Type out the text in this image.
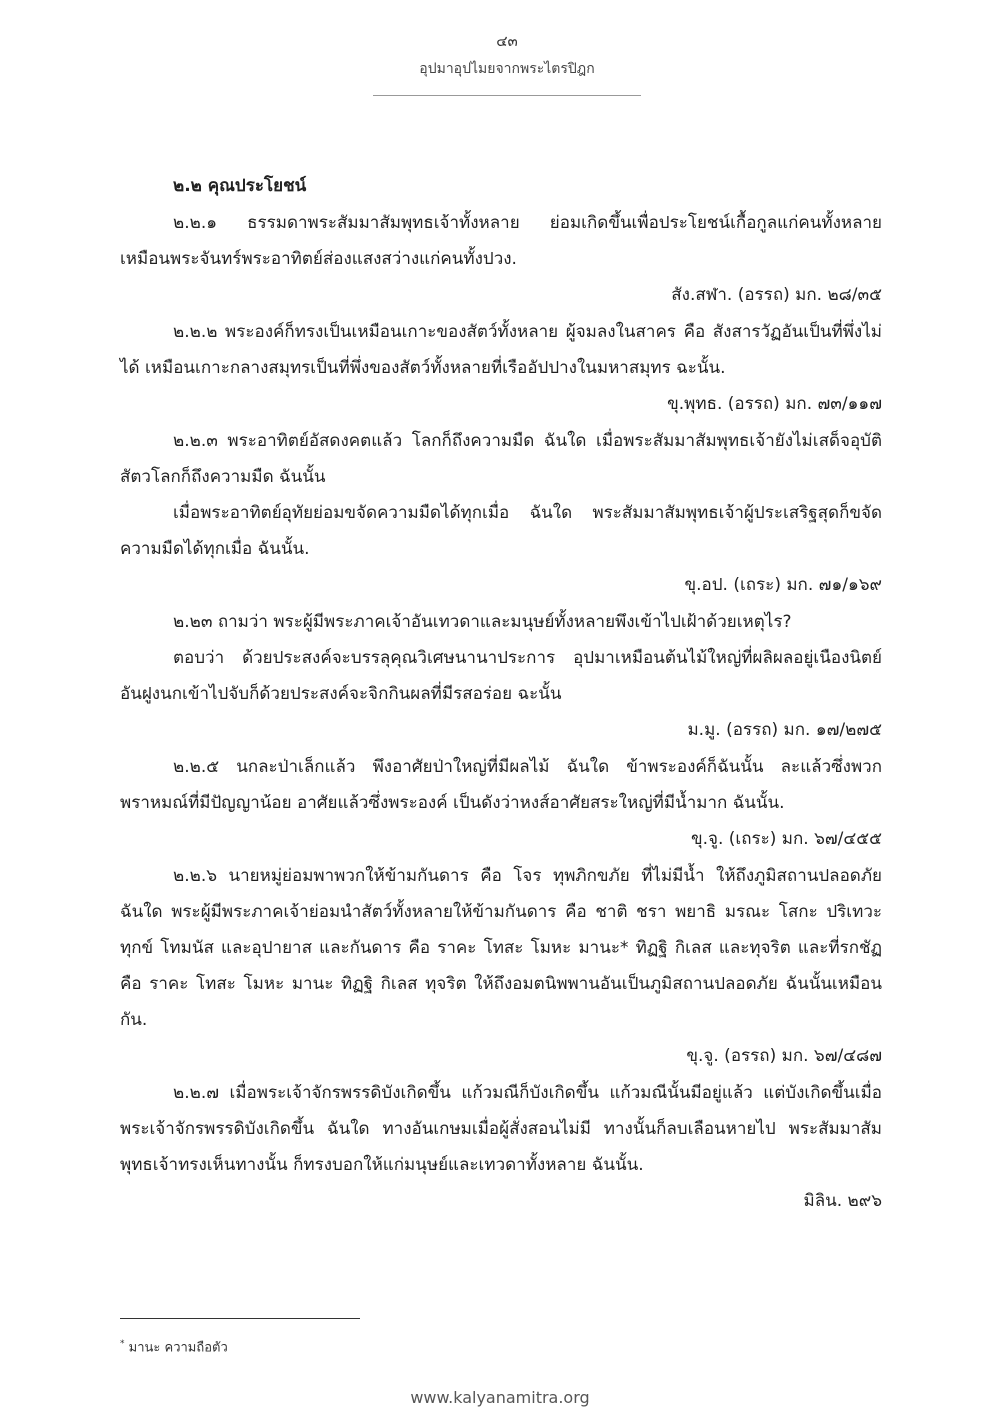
๔๓
อุปมาอุปไมยจากพระไตรปิฎก
๒.๒ คุณประโยชน์

๒.๒.๑ ธรรมดาพระสัมมาสัมพุทธเจ้าทั้งหลาย ย่อมเกิดขึ้นเพื่อประโยชน์เกื้อกูลแก่คนทั้งหลาย เหมือนพระจันทร์พระอาทิตย์ส่องแสงสว่างแก่คนทั้งปวง.

สัง.สฬา. (อรรถ) มก. ๒๘/๓๕

๒.๒.๒ พระองค์ก็ทรงเป็นเหมือนเกาะของสัตว์ทั้งหลาย ผู้จมลงในสาคร คือ สังสารวัฏอันเป็นที่พึ่งไม่ได้ เหมือนเกาะกลางสมุทรเป็นที่พึ่งของสัตว์ทั้งหลายที่เรืออัปปางในมหาสมุทร ฉะนั้น.

ขุ.พุทธ. (อรรถ) มก. ๗๓/๑๑๗

๒.๒.๓ พระอาทิตย์อัสดงคตแล้ว โลกก็ถึงความมืด ฉันใด เมื่อพระสัมมาสัมพุทธเจ้ายังไม่เสด็จอุบัติ สัตวโลกก็ถึงความมืด ฉันนั้น

เมื่อพระอาทิตย์อุทัยย่อมขจัดความมืดได้ทุกเมื่อ ฉันใด พระสัมมาสัมพุทธเจ้าผู้ประเสริฐสุดก็ขจัดความมืดได้ทุกเมื่อ ฉันนั้น.

ขุ.อป. (เถระ) มก. ๗๑/๑๖๙

๒.๒๓ ถามว่า พระผู้มีพระภาคเจ้าอันเทวดาและมนุษย์ทั้งหลายพึงเข้าไปเฝ้าด้วยเหตุไร?

ตอบว่า ด้วยประสงค์จะบรรลุคุณวิเศษนานาประการ อุปมาเหมือนต้นไม้ใหญ่ที่ผลิผลอยู่เนืองนิตย์ อันฝูงนกเข้าไปจับก็ด้วยประสงค์จะจิกกินผลที่มีรสอร่อย ฉะนั้น

ม.มู. (อรรถ) มก. ๑๗/๒๗๕

๒.๒.๕ นกละป่าเล็กแล้ว พึงอาศัยป่าใหญ่ที่มีผลไม้ ฉันใด ข้าพระองค์ก็ฉันนั้น ละแล้วซึ่งพวกพราหมณ์ที่มีปัญญาน้อย อาศัยแล้วซึ่งพระองค์ เป็นดังว่าหงส์อาศัยสระใหญ่ที่มีน้ำมาก ฉันนั้น.

ขุ.จู. (เถระ) มก. ๖๗/๔๕๕

๒.๒.๖ นายหมู่ย่อมพาพวกให้ข้ามกันดาร คือ โจร ทุพภิกขภัย ที่ไม่มีน้ำ ให้ถึงภูมิสถานปลอดภัย ฉันใด พระผู้มีพระภาคเจ้าย่อมนำสัตว์ทั้งหลายให้ข้ามกันดาร คือ ชาติ ชรา พยาธิ มรณะ โสกะ ปริเทวะ ทุกข์ โทมนัส และอุปายาส และกันดาร คือ ราคะ โทสะ โมหะ มานะ* ทิฏฐิ กิเลส และทุจริต และที่รกชัฏ คือ ราคะ โทสะ โมหะ มานะ ทิฏฐิ กิเลส ทุจริต ให้ถึงอมตนิพพานอันเป็นภูมิสถานปลอดภัย ฉันนั้นเหมือนกัน.

ขุ.จู. (อรรถ) มก. ๖๗/๔๘๗

๒.๒.๗ เมื่อพระเจ้าจักรพรรดิบังเกิดขึ้น แก้วมณีก็บังเกิดขึ้น แก้วมณีนั้นมีอยู่แล้ว แต่บังเกิดขึ้นเมื่อพระเจ้าจักรพรรดิบังเกิดขึ้น ฉันใด ทางอันเกษมเมื่อผู้สั่งสอนไม่มี ทางนั้นก็ลบเลือนหายไป พระสัมมาสัมพุทธเจ้าทรงเห็นทางนั้น ก็ทรงบอกให้แก่มนุษย์และเทวดาทั้งหลาย ฉันนั้น.

มิลิน. ๒๙๖

* มานะ ความถือตัว
www.kalyanamitra.org
